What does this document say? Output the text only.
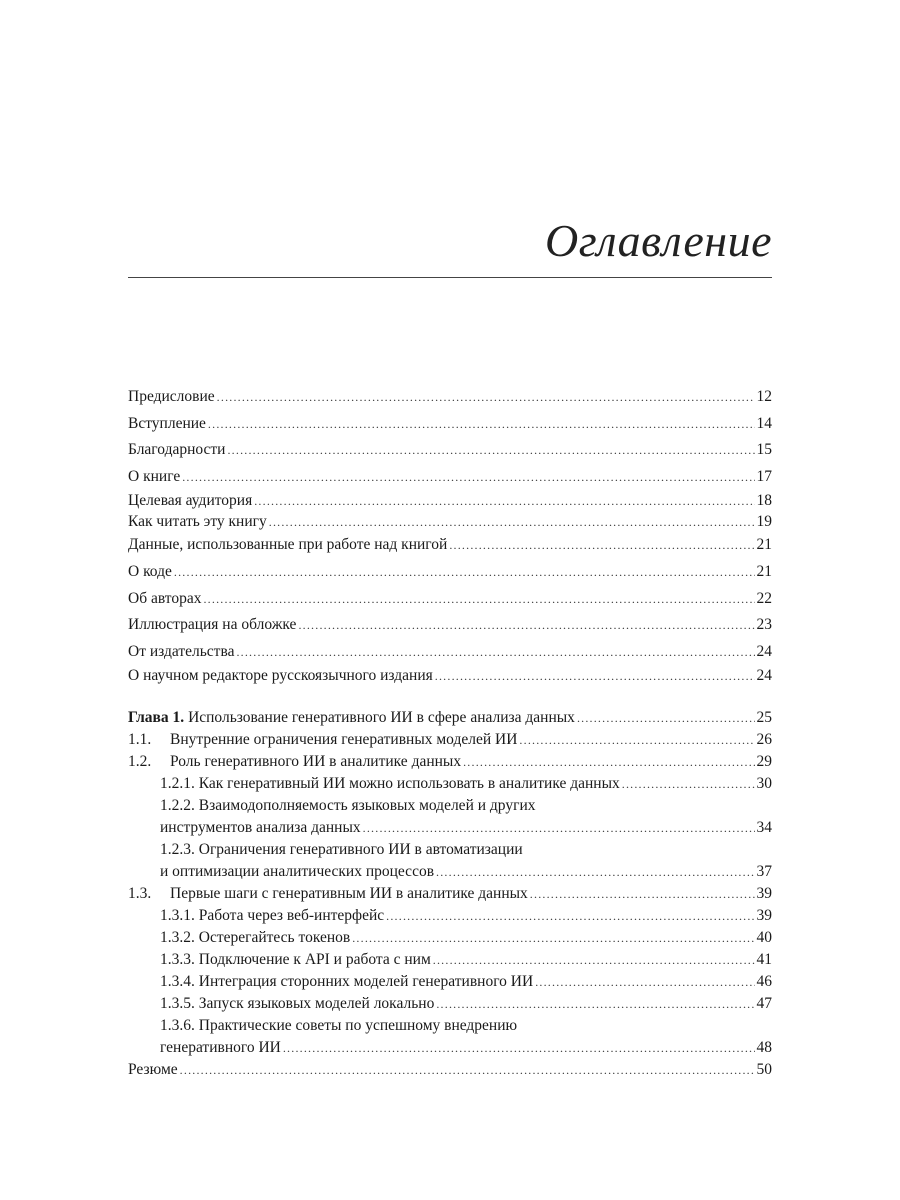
Оглавление
Предисловие .....	12
Вступление .....	14
Благодарности .....	15
О книге .....	17
Целевая аудитория .....	18
Как читать эту книгу .....	19
Данные, использованные при работе над книгой .....	21
О коде .....	21
Об авторах .....	22
Иллюстрация на обложке .....	23
От издательства .....	24
О научном редакторе русскоязычного издания .....	24
Глава 1. Использование генеративного ИИ в сфере анализа данных .....	25
1.1. Внутренние ограничения генеративных моделей ИИ .....	26
1.2. Роль генеративного ИИ в аналитике данных .....	29
1.2.1. Как генеративный ИИ можно использовать в аналитике данных .....	30
1.2.2. Взаимодополняемость языковых моделей и других
инструментов анализа данных .....	34
1.2.3. Ограничения генеративного ИИ в автоматизации
и оптимизации аналитических процессов .....	37
1.3. Первые шаги с генеративным ИИ в аналитике данных .....	39
1.3.1. Работа через веб-интерфейс .....	39
1.3.2. Остерегайтесь токенов .....	40
1.3.3. Подключение к API и работа с ним .....	41
1.3.4. Интеграция сторонних моделей генеративного ИИ .....	46
1.3.5. Запуск языковых моделей локально .....	47
1.3.6. Практические советы по успешному внедрению
генеративного ИИ .....	48
Резюме .....	50
